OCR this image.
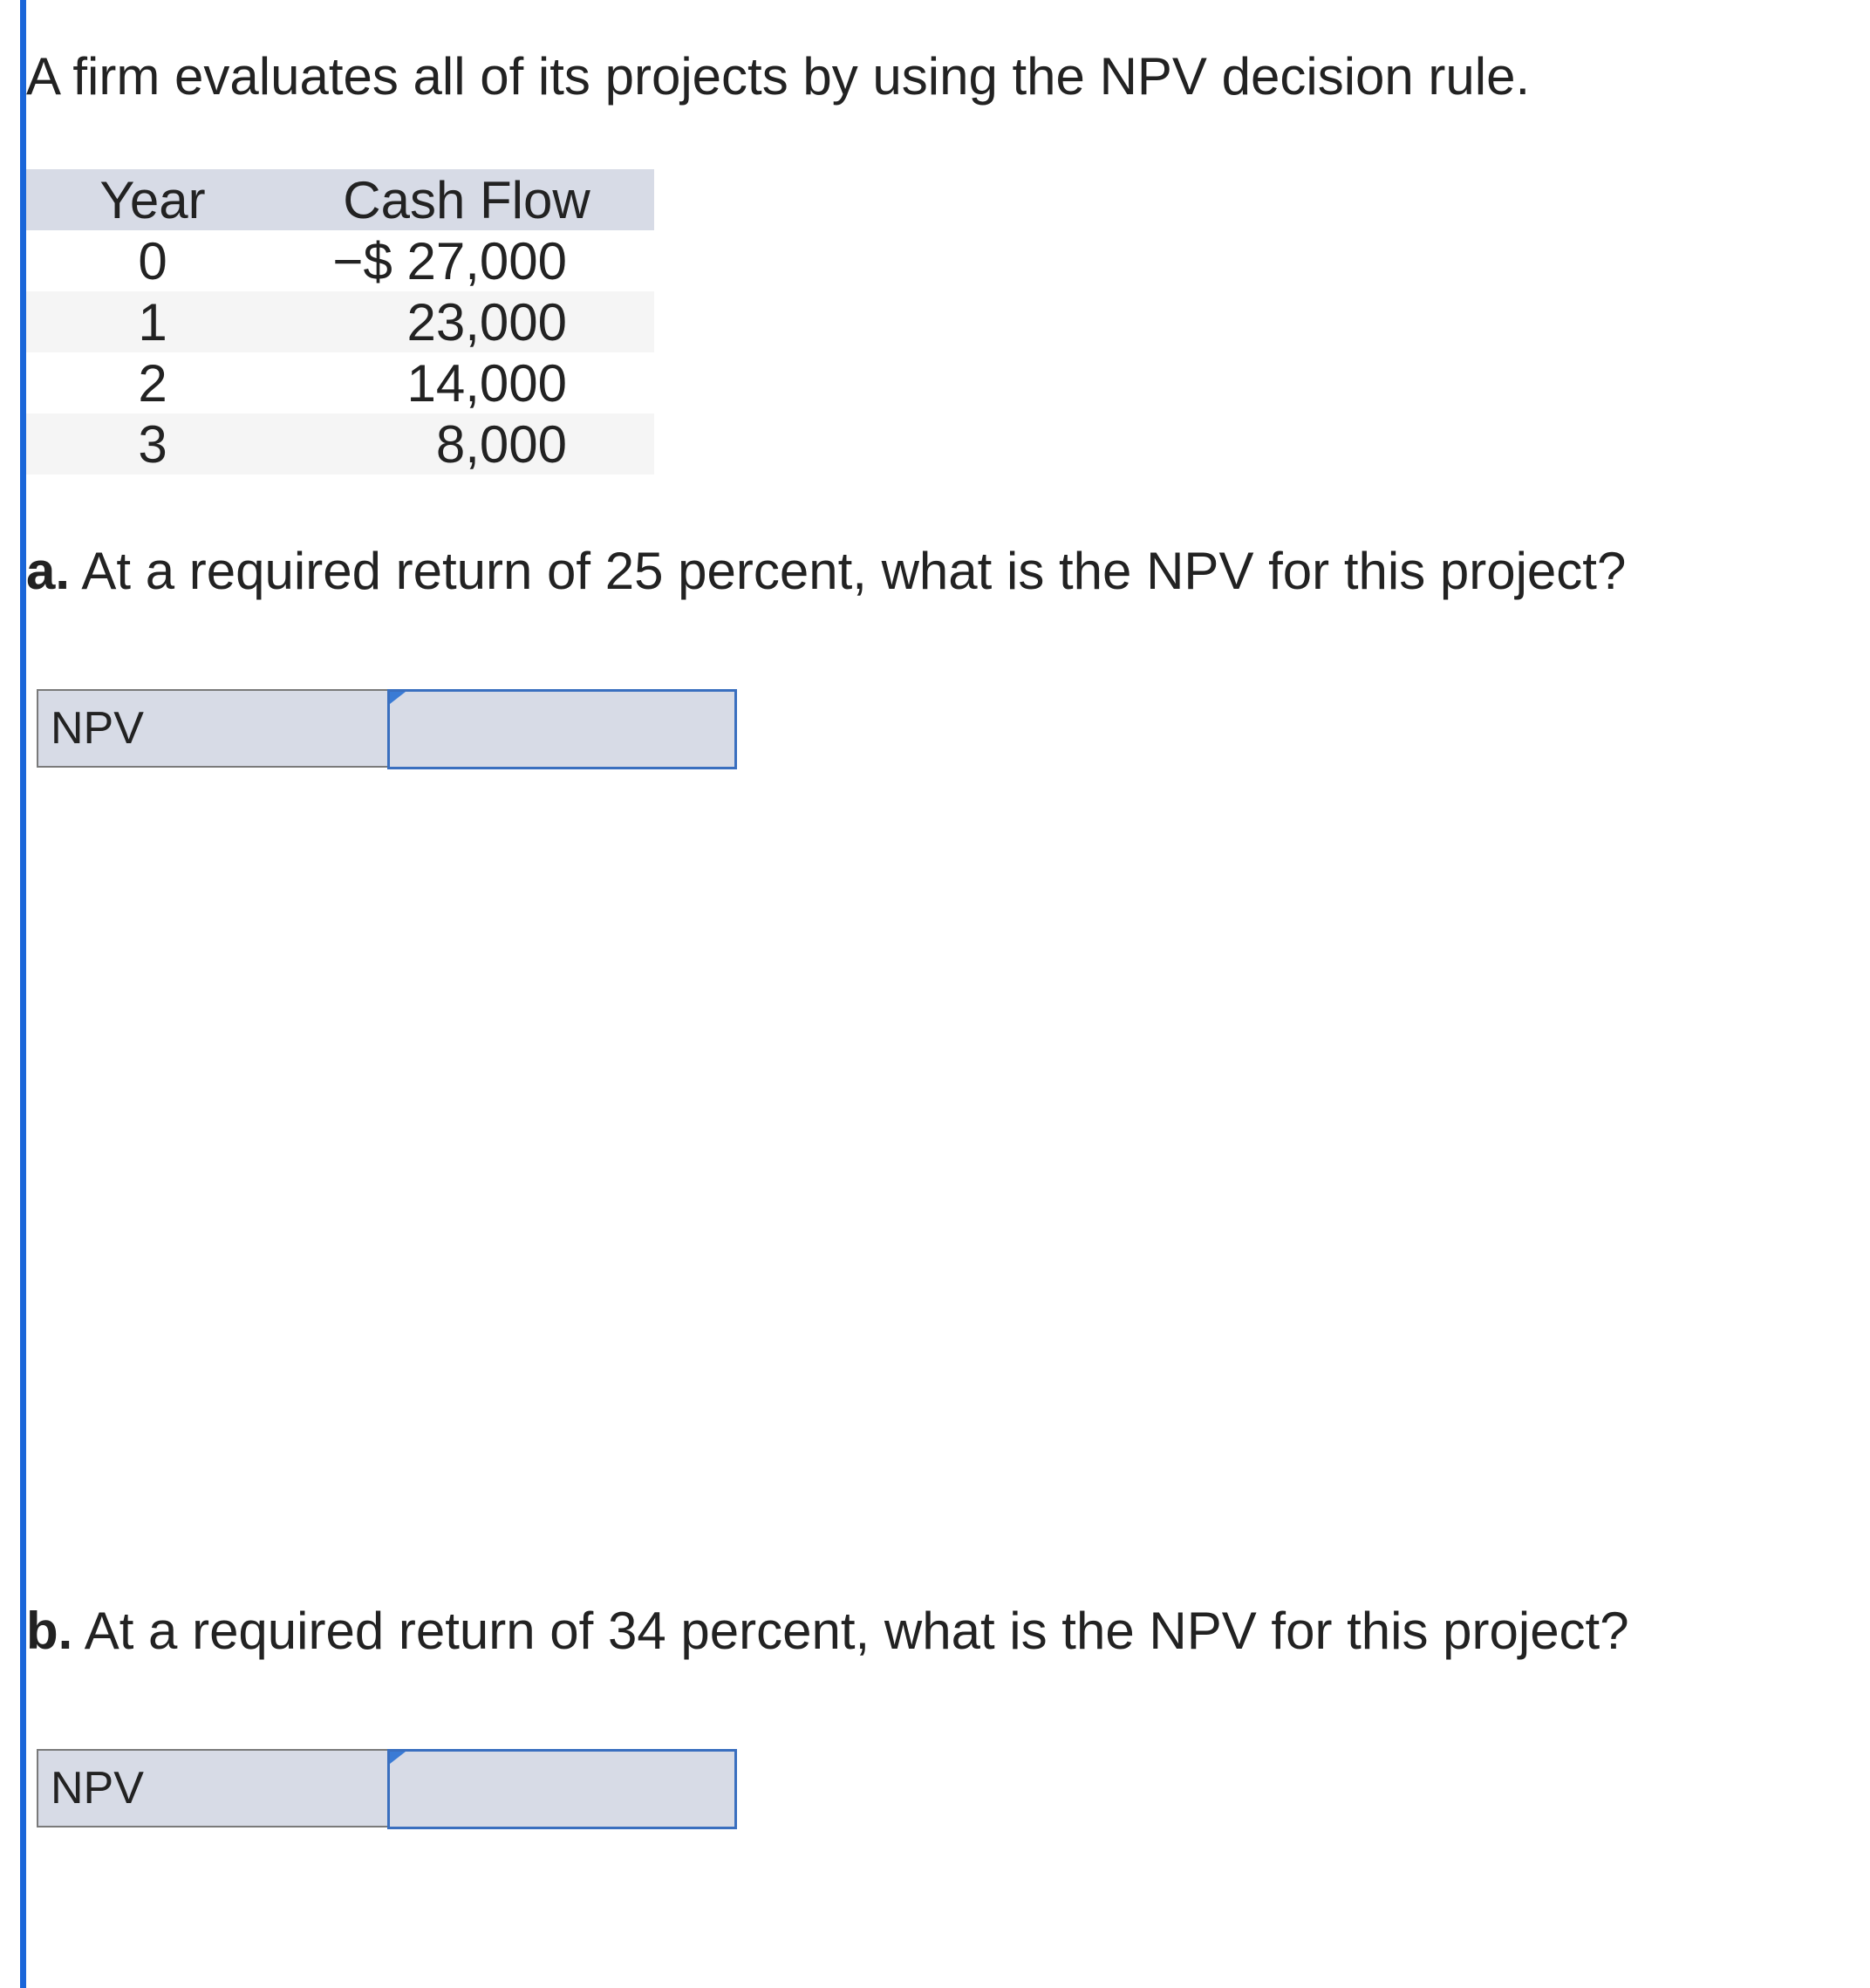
A firm evaluates all of its projects by using the NPV decision rule.

Year	Cash Flow
0	−$ 27,000
1	23,000
2	14,000
3	8,000

a. At a required return of 25 percent, what is the NPV for this project?

NPV

b. At a required return of 34 percent, what is the NPV for this project?

NPV
